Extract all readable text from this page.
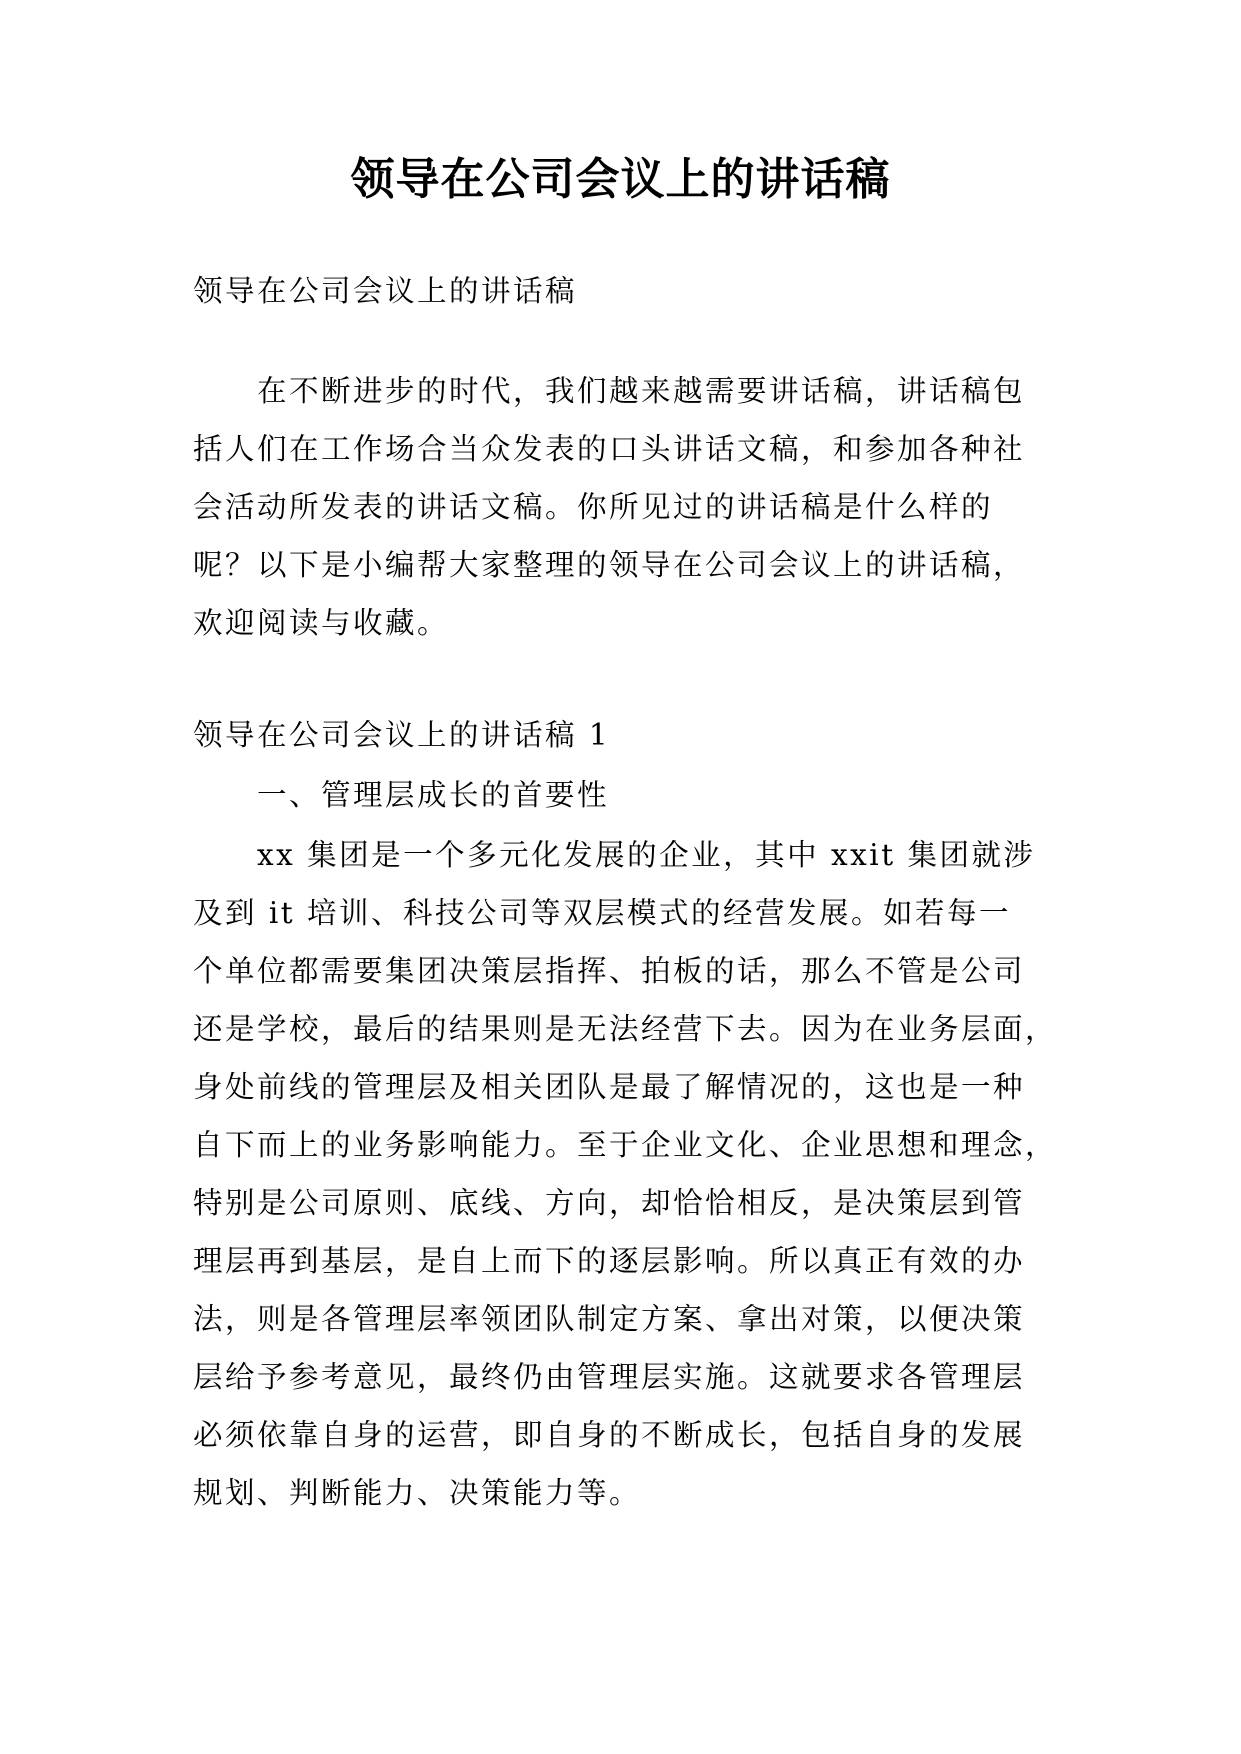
领导在公司会议上的讲话稿
领导在公司会议上的讲话稿
在不断进步的时代，我们越来越需要讲话稿，讲话稿包
括人们在工作场合当众发表的口头讲话文稿，和参加各种社
会活动所发表的讲话文稿。你所见过的讲话稿是什么样的
呢？以下是小编帮大家整理的领导在公司会议上的讲话稿，
欢迎阅读与收藏。
领导在公司会议上的讲话稿 1
一、管理层成长的首要性
xx 集团是一个多元化发展的企业，其中 xxit 集团就涉
及到 it 培训、科技公司等双层模式的经营发展。如若每一
个单位都需要集团决策层指挥、拍板的话，那么不管是公司
还是学校，最后的结果则是无法经营下去。因为在业务层面，
身处前线的管理层及相关团队是最了解情况的，这也是一种
自下而上的业务影响能力。至于企业文化、企业思想和理念，
特别是公司原则、底线、方向，却恰恰相反，是决策层到管
理层再到基层，是自上而下的逐层影响。所以真正有效的办
法，则是各管理层率领团队制定方案、拿出对策，以便决策
层给予参考意见，最终仍由管理层实施。这就要求各管理层
必须依靠自身的运营，即自身的不断成长，包括自身的发展
规划、判断能力、决策能力等。
